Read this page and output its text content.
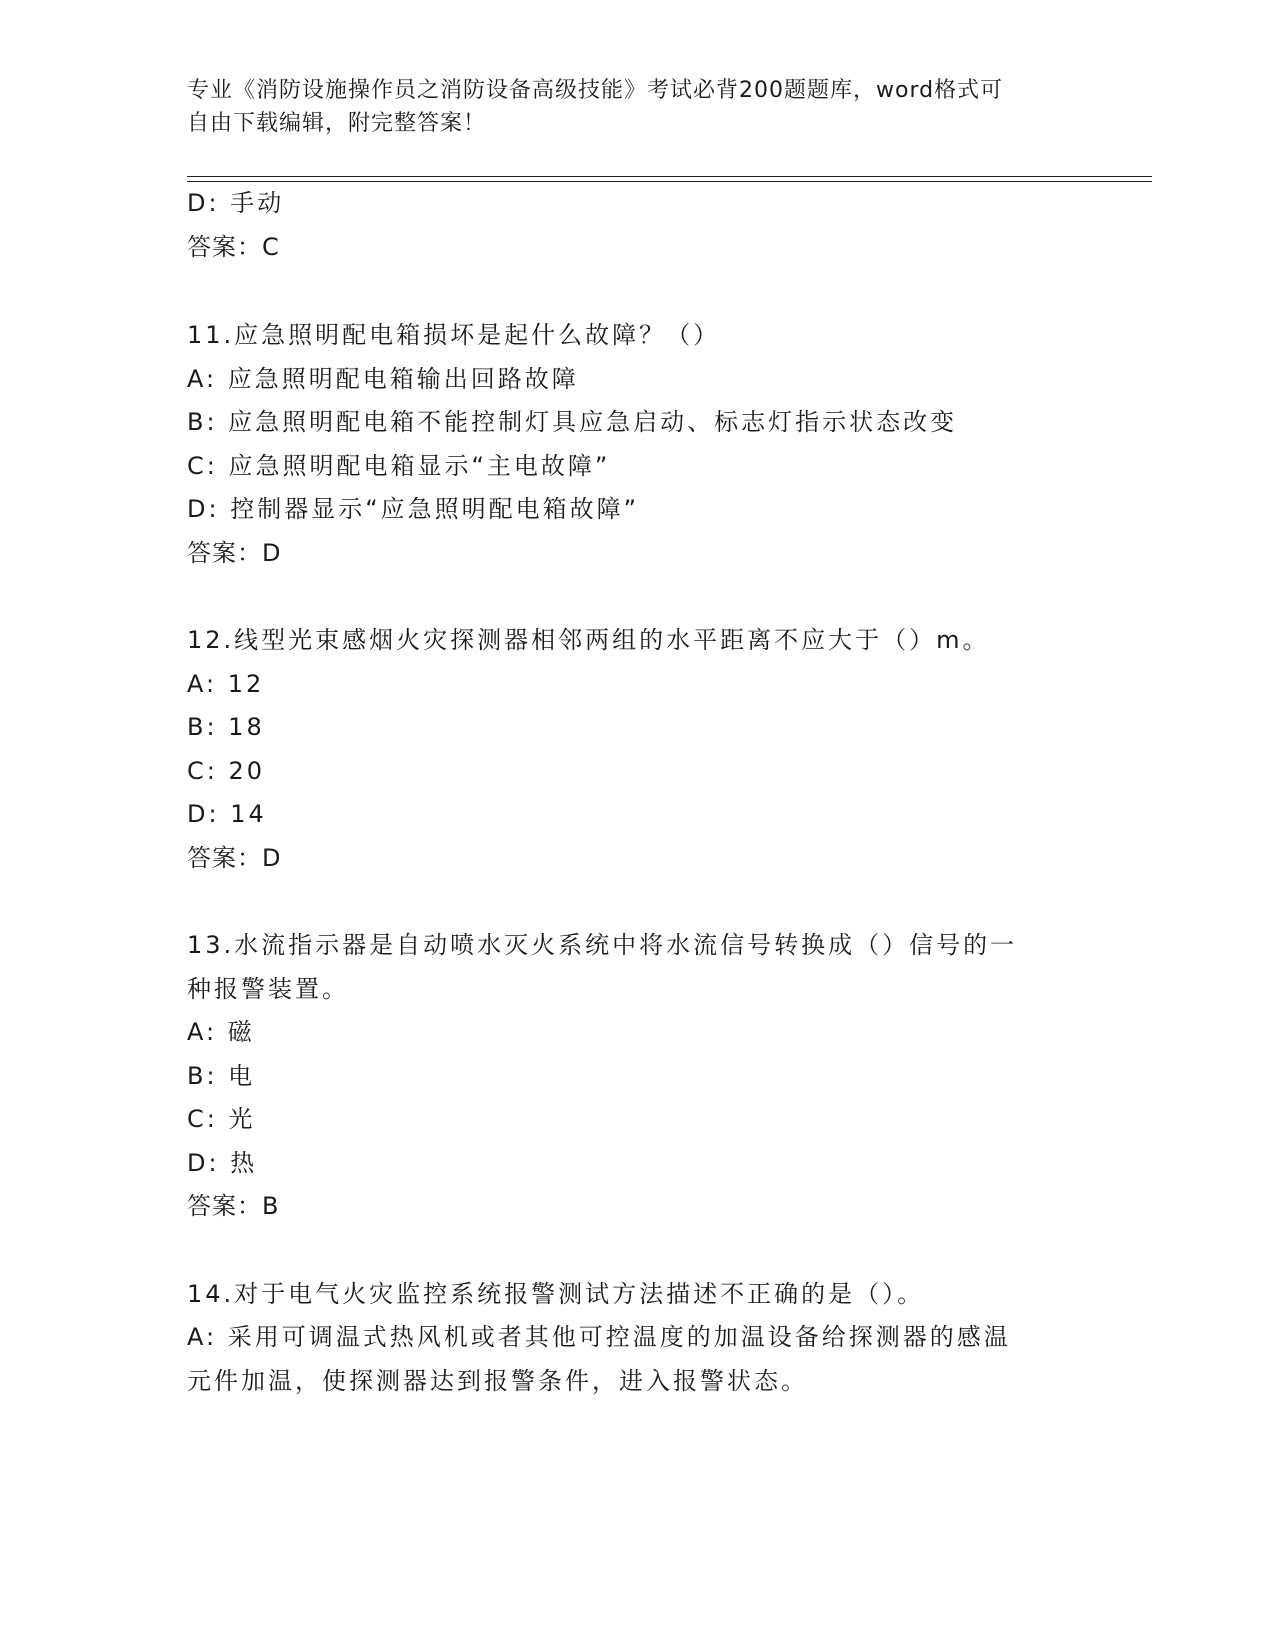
专业《消防设施操作员之消防设备高级技能》考试必背200题题库，word格式可
自由下载编辑，附完整答案！
D: 手动
答案：C
11.应急照明配电箱损坏是起什么故障？（）
A: 应急照明配电箱输出回路故障
B: 应急照明配电箱不能控制灯具应急启动、标志灯指示状态改变
C: 应急照明配电箱显示“主电故障”
D: 控制器显示“应急照明配电箱故障”
答案：D
12.线型光束感烟火灾探测器相邻两组的水平距离不应大于（）m。
A: 12
B: 18
C: 20
D: 14
答案：D
13.水流指示器是自动喷水灭火系统中将水流信号转换成（）信号的一
种报警装置。
A: 磁
B: 电
C: 光
D: 热
答案：B
14.对于电气火灾监控系统报警测试方法描述不正确的是（）。
A: 采用可调温式热风机或者其他可控温度的加温设备给探测器的感温
元件加温，使探测器达到报警条件，进入报警状态。
